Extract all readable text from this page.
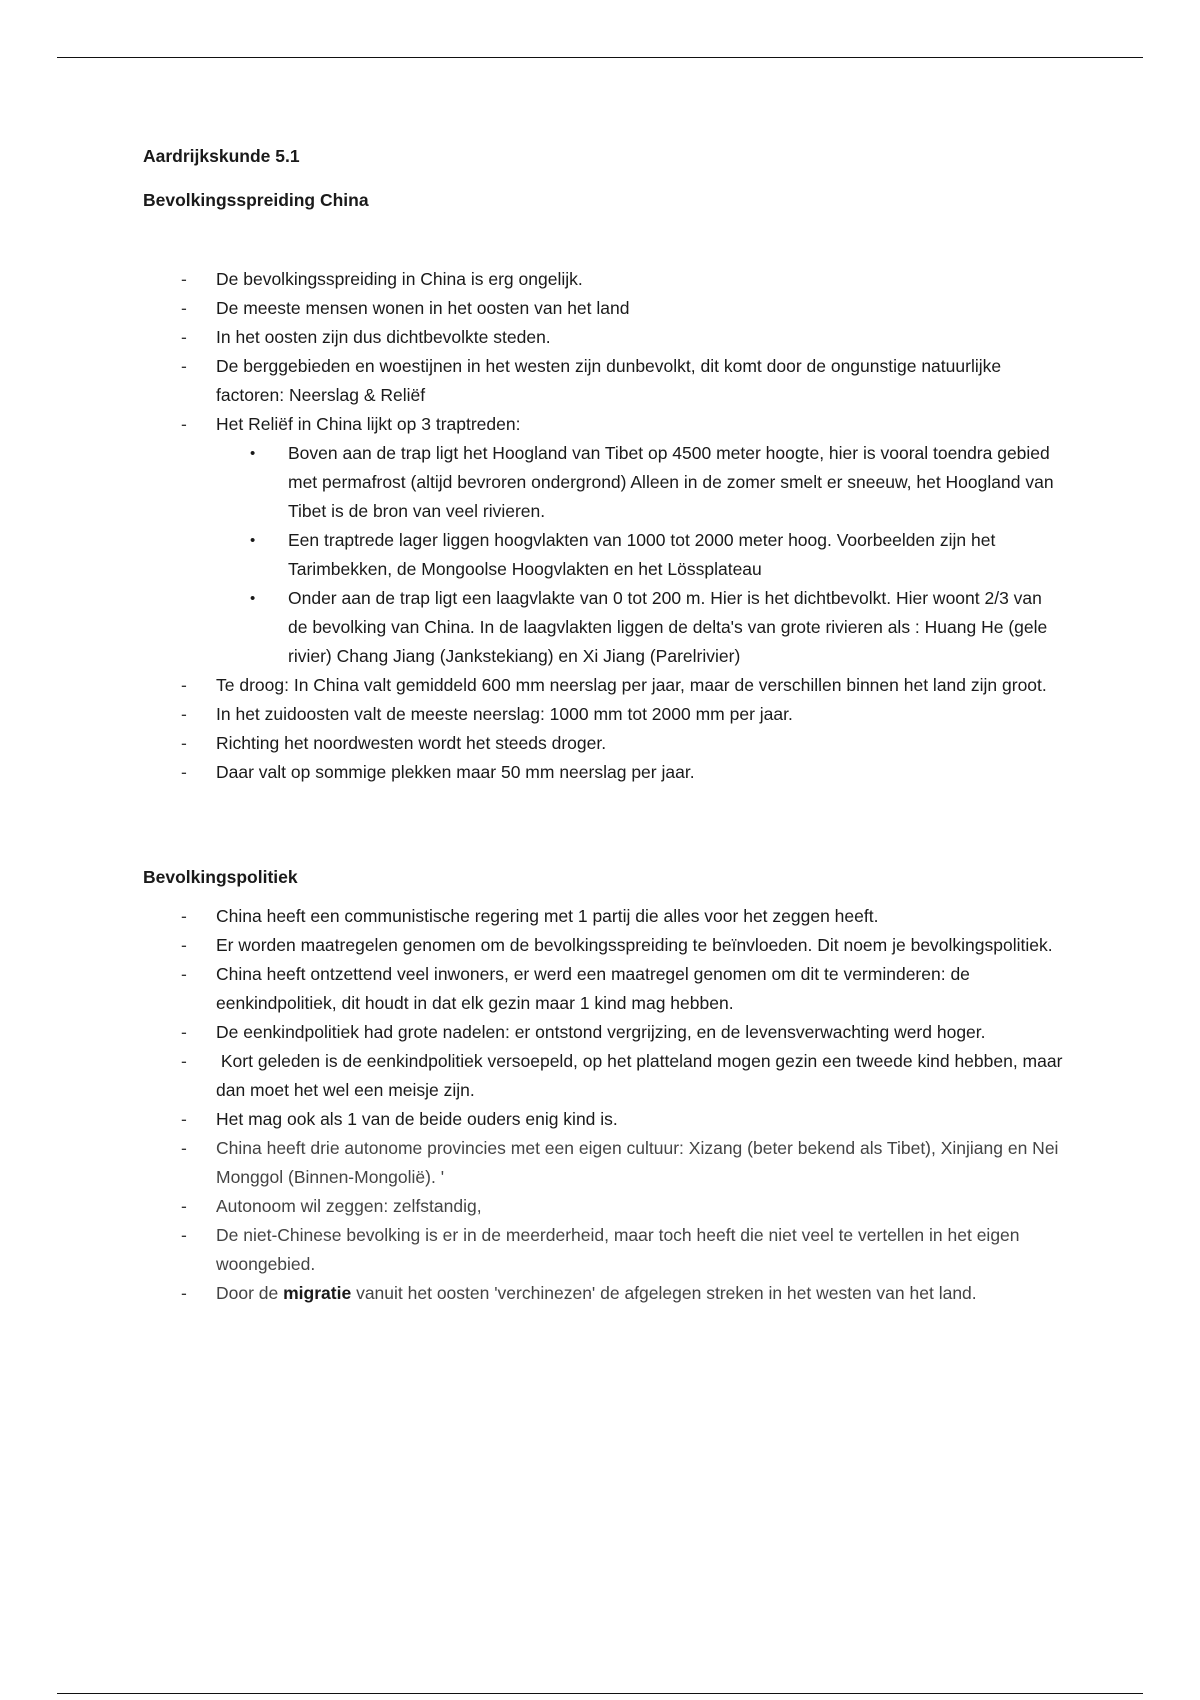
Aardrijkskunde 5.1

Bevolkingsspreiding China

-	De bevolkingsspreiding in China is erg ongelijk.
-	De meeste mensen wonen in het oosten van het land
-	In het oosten zijn dus dichtbevolkte steden.
-	De berggebieden en woestijnen in het westen zijn dunbevolkt, dit komt door de ongunstige natuurlijke factoren: Neerslag & Reliëf
-	Het Reliëf in China lijkt op 3 traptreden:
•	Boven aan de trap ligt het Hoogland van Tibet op 4500 meter hoogte, hier is vooral toendra gebied met permafrost (altijd bevroren ondergrond) Alleen in de zomer smelt er sneeuw, het Hoogland van Tibet is de bron van veel rivieren.
•	Een traptrede lager liggen hoogvlakten van 1000 tot 2000 meter hoog. Voorbeelden zijn het Tarimbekken, de Mongoolse Hoogvlakten en het Lössplateau
•	Onder aan de trap ligt een laagvlakte van 0 tot 200 m. Hier is het dichtbevolkt. Hier woont 2/3 van de bevolking van China. In de laagvlakten liggen de delta's van grote rivieren als : Huang He (gele rivier) Chang Jiang (Jankstekiang) en Xi Jiang (Parelrivier)
-	Te droog: In China valt gemiddeld 600 mm neerslag per jaar, maar de verschillen binnen het land zijn groot.
-	In het zuidoosten valt de meeste neerslag: 1000 mm tot 2000 mm per jaar.
-	Richting het noordwesten wordt het steeds droger.
-	Daar valt op sommige plekken maar 50 mm neerslag per jaar.

Bevolkingspolitiek

-	China heeft een communistische regering met 1 partij die alles voor het zeggen heeft.
-	Er worden maatregelen genomen om de bevolkingsspreiding te beïnvloeden. Dit noem je bevolkingspolitiek.
-	China heeft ontzettend veel inwoners, er werd een maatregel genomen om dit te verminderen: de eenkindpolitiek, dit houdt in dat elk gezin maar 1 kind mag hebben.
-	De eenkindpolitiek had grote nadelen: er ontstond vergrijzing, en de levensverwachting werd hoger.
-	Kort geleden is de eenkindpolitiek versoepeld, op het platteland mogen gezin een tweede kind hebben, maar dan moet het wel een meisje zijn.
-	Het mag ook als 1 van de beide ouders enig kind is.
-	China heeft drie autonome provincies met een eigen cultuur: Xizang (beter bekend als Tibet), Xinjiang en Nei Monggol (Binnen-Mongolië). '
-	Autonoom wil zeggen: zelfstandig,
-	De niet-Chinese bevolking is er in de meerderheid, maar toch heeft die niet veel te vertellen in het eigen woongebied.
-	Door de migratie vanuit het oosten 'verchinezen' de afgelegen streken in het westen van het land.
